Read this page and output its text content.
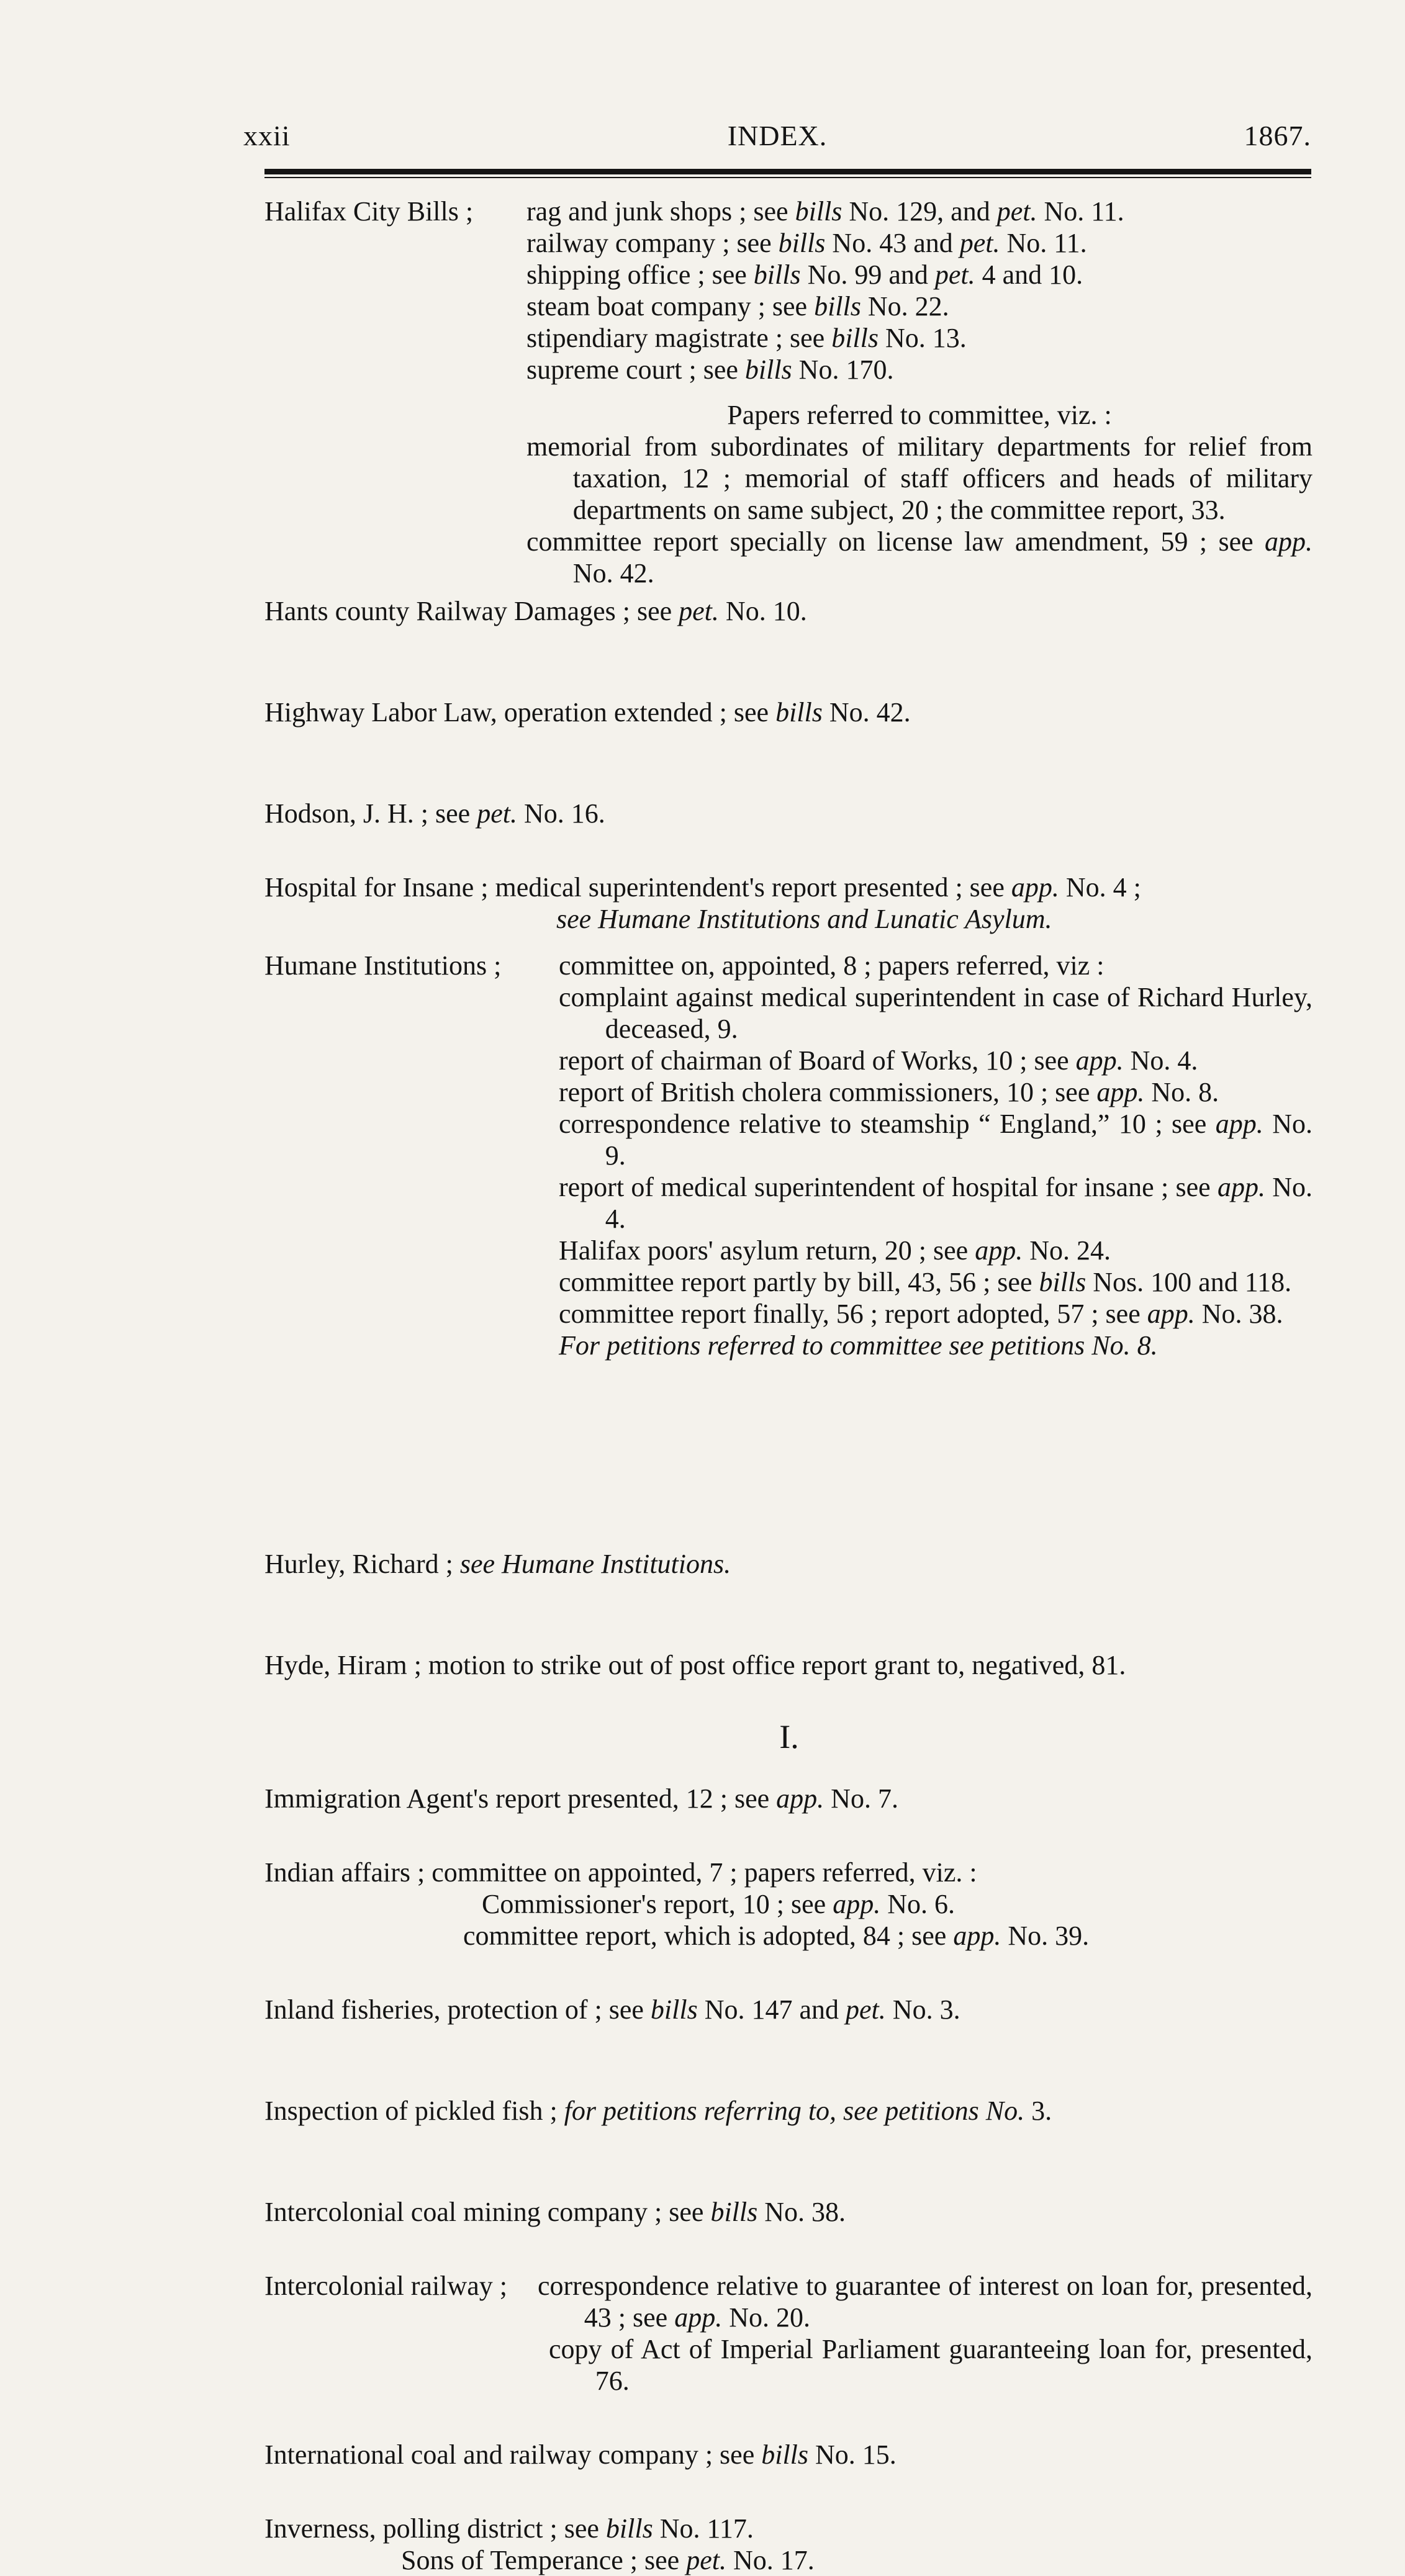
xxii	INDEX.	1867.
Halifax City Bills ; rag and junk shops ; see bills No. 129, and pet. No. 11.

railway company ; see bills No. 43 and pet. No. 11.

shipping office ; see bills No. 99 and pet. 4 and 10.

steam boat company ; see bills No. 22.

stipendiary magistrate ; see bills No. 13.

supreme court ; see bills No. 170.

Papers referred to committee, viz. :

memorial from subordinates of military departments for relief from taxation, 12 ; memorial of staff officers and heads of military departments on same subject, 20 ; the committee report, 33.

committee report specially on license law amendment, 59 ; see app. No. 42.

Hants county Railway Damages ; see pet. No. 10.

Highway Labor Law, operation extended ; see bills No. 42.

Hodson, J. H. ; see pet. No. 16.

Hospital for Insane ; medical superintendent's report presented ; see app. No. 4 ;

see Humane Institutions and Lunatic Asylum.

Humane Institutions ; committee on, appointed, 8 ; papers referred, viz :

complaint against medical superintendent in case of Richard Hurley, deceased, 9.

report of chairman of Board of Works, 10 ; see app. No. 4.

report of British cholera commissioners, 10 ; see app. No. 8.

correspondence relative to steamship “ England,” 10 ; see app. No. 9.

report of medical superintendent of hospital for insane ; see app. No. 4.

Halifax poors' asylum return, 20 ; see app. No. 24.

committee report partly by bill, 43, 56 ; see bills Nos. 100 and 118.

committee report finally, 56 ; report adopted, 57 ; see app. No. 38.

For petitions referred to committee see petitions No. 8.

Hurley, Richard ; see Humane Institutions.

Hyde, Hiram ; motion to strike out of post office report grant to, negatived, 81.

I.

Immigration Agent's report presented, 12 ; see app. No. 7.

Indian affairs ; committee on appointed, 7 ; papers referred, viz. :

Commissioner's report, 10 ; see app. No. 6.

committee report, which is adopted, 84 ; see app. No. 39.

Inland fisheries, protection of ; see bills No. 147 and pet. No. 3.

Inspection of pickled fish ; for petitions referring to, see petitions No. 3.

Intercolonial coal mining company ; see bills No. 38.

Intercolonial railway ; correspondence relative to guarantee of interest on loan for, presented, 43 ; see app. No. 20.

copy of Act of Imperial Parliament guaranteeing loan for, presented, 76.

International coal and railway company ; see bills No. 15.

Inverness, polling district ; see bills No. 117.

Sons of Temperance ; see pet. No. 17.
